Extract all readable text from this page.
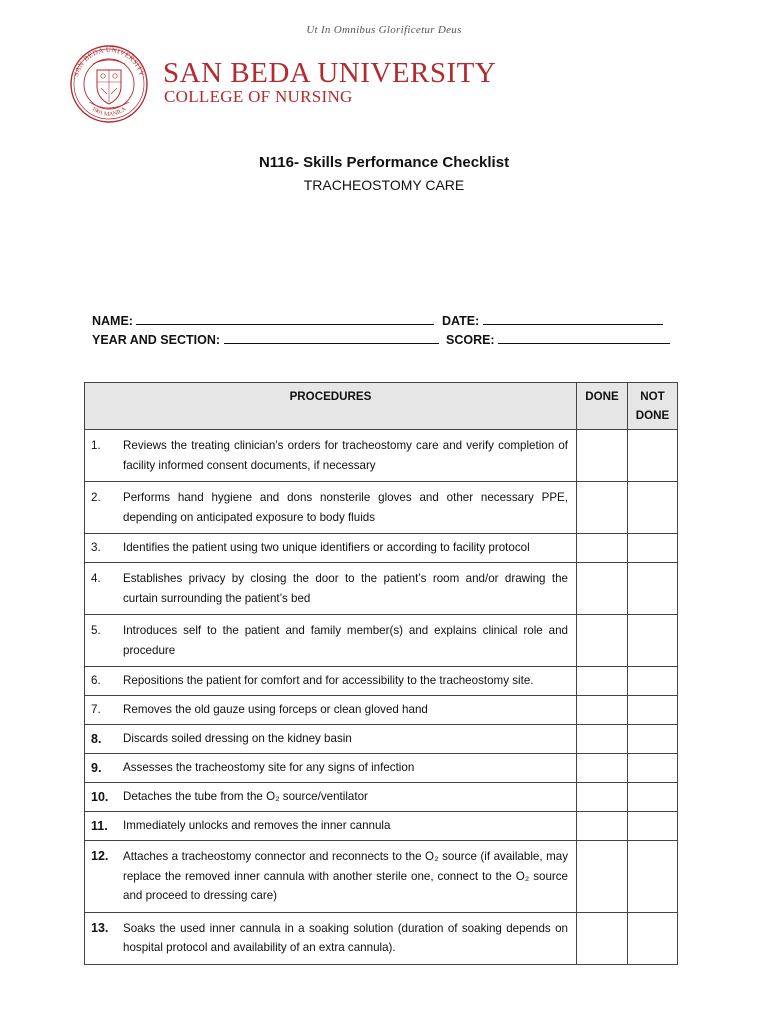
Ut In Omnibus Glorificetur Deus
SAN BEDA UNIVERSITY
1901 MANILA
SAN BEDA UNIVERSITY
COLLEGE OF NURSING
N116- Skills Performance Checklist
TRACHEOSTOMY CARE
NAME:	DATE:
YEAR AND SECTION:	SCORE:
PROCEDURES	DONE	NOT DONE

1. Reviews the treating clinician’s orders for tracheostomy care and verify completion of facility informed consent documents, if necessary		

2. Performs hand hygiene and dons nonsterile gloves and other necessary PPE, depending on anticipated exposure to body fluids		

3. Identifies the patient using two unique identifiers or according to facility protocol		

4. Establishes privacy by closing the door to the patient’s room and/or drawing the curtain surrounding the patient’s bed		

5. Introduces self to the patient and family member(s) and explains clinical role and procedure		

6. Repositions the patient for comfort and for accessibility to the tracheostomy site.		

7. Removes the old gauze using forceps or clean gloved hand		

8. Discards soiled dressing on the kidney basin		

9. Assesses the tracheostomy site for any signs of infection		

10. Detaches the tube from the O₂ source/ventilator		

11. Immediately unlocks and removes the inner cannula		

12. Attaches a tracheostomy connector and reconnects to the O₂ source (if available, may replace the removed inner cannula with another sterile one, connect to the O₂ source and proceed to dressing care)		

13. Soaks the used inner cannula in a soaking solution (duration of soaking depends on hospital protocol and availability of an extra cannula).		
